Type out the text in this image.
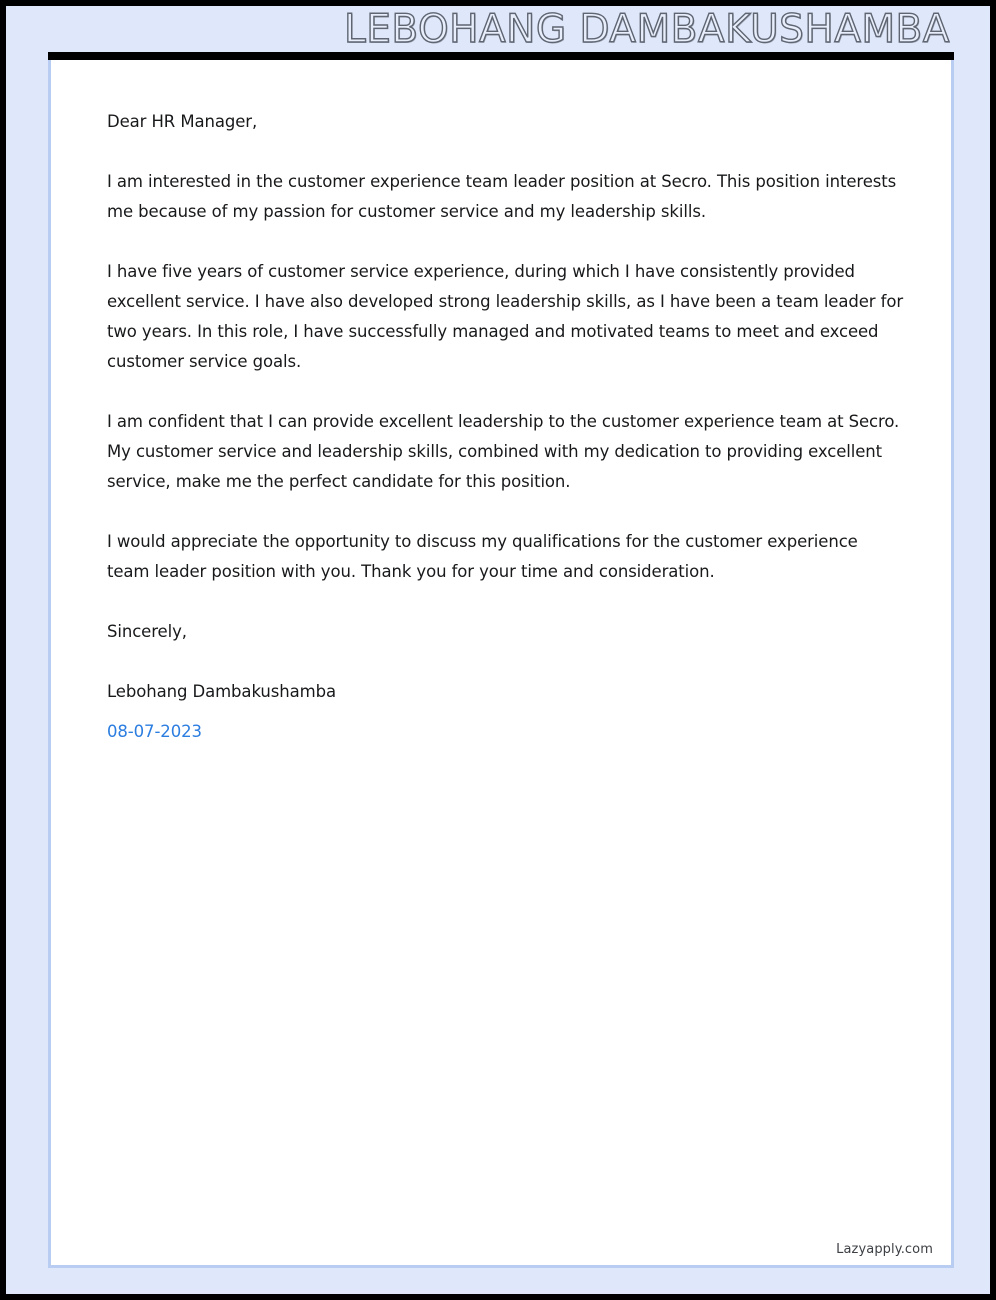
LEBOHANG DAMBAKUSHAMBA

Dear HR Manager,

I am interested in the customer experience team leader position at Secro. This position interests me because of my passion for customer service and my leadership skills.

I have five years of customer service experience, during which I have consistently provided excellent service. I have also developed strong leadership skills, as I have been a team leader for two years. In this role, I have successfully managed and motivated teams to meet and exceed customer service goals.

I am confident that I can provide excellent leadership to the customer experience team at Secro. My customer service and leadership skills, combined with my dedication to providing excellent service, make me the perfect candidate for this position.

I would appreciate the opportunity to discuss my qualifications for the customer experience team leader position with you. Thank you for your time and consideration.

Sincerely,

Lebohang Dambakushamba

08-07-2023

Lazyapply.com
